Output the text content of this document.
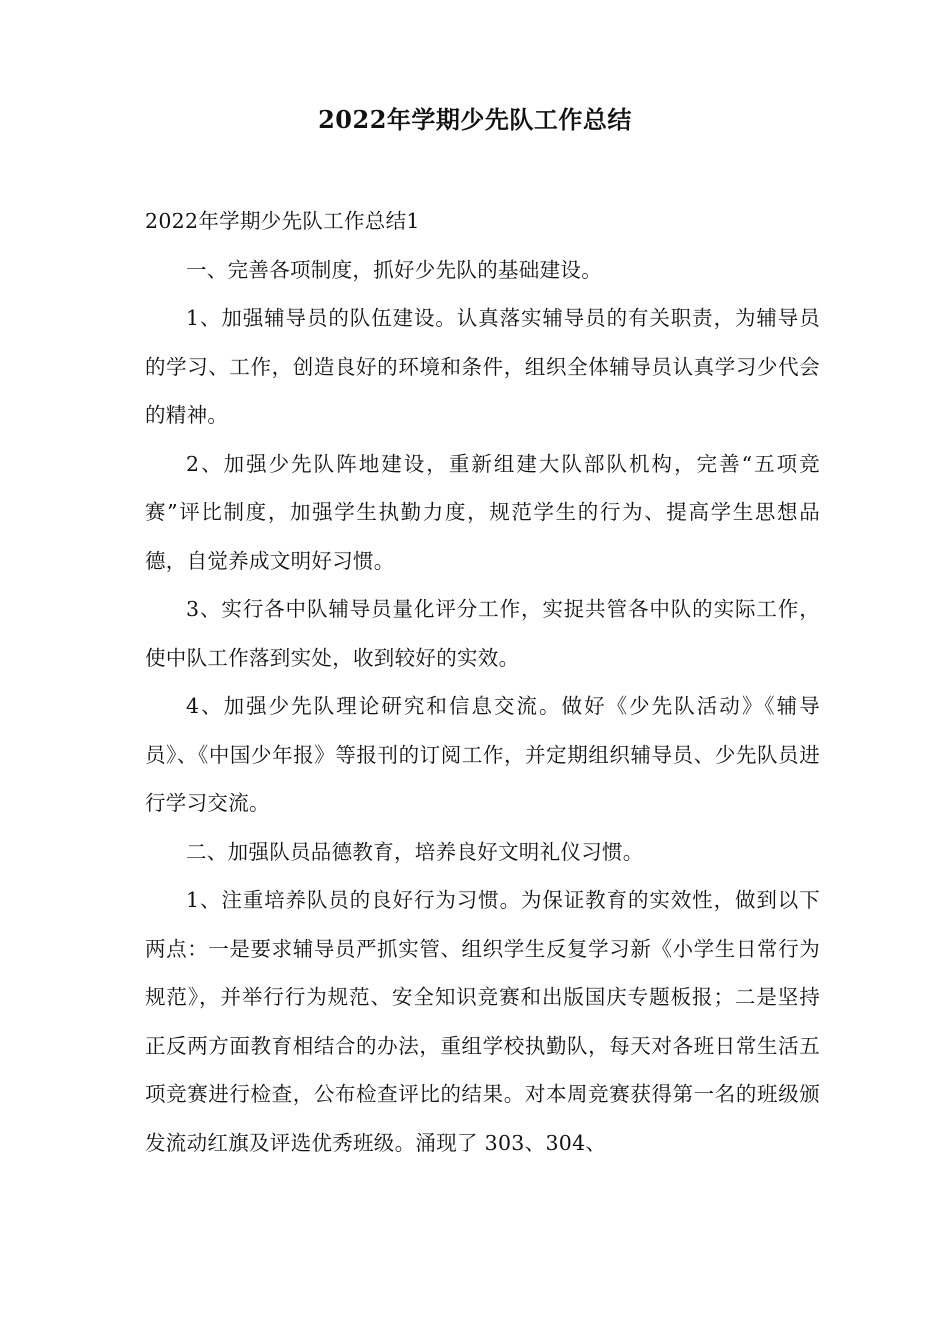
2022年学期少先队工作总结

2022年学期少先队工作总结1

一、完善各项制度，抓好少先队的基础建设。

1、加强辅导员的队伍建设。认真落实辅导员的有关职责，为辅导员的学习、工作，创造良好的环境和条件，组织全体辅导员认真学习少代会的精神。

2、加强少先队阵地建设，重新组建大队部队机构，完善“五项竞赛”评比制度，加强学生执勤力度，规范学生的行为、提高学生思想品德，自觉养成文明好习惯。

3、实行各中队辅导员量化评分工作，实捉共管各中队的实际工作，使中队工作落到实处，收到较好的实效。

4、加强少先队理论研究和信息交流。做好《少先队活动》《辅导员》、《中国少年报》等报刊的订阅工作，并定期组织辅导员、少先队员进行学习交流。

二、加强队员品德教育，培养良好文明礼仪习惯。

1、注重培养队员的良好行为习惯。为保证教育的实效性，做到以下两点：一是要求辅导员严抓实管、组织学生反复学习新《小学生日常行为规范》，并举行行为规范、安全知识竞赛和出版国庆专题板报；二是坚持正反两方面教育相结合的办法，重组学校执勤队，每天对各班日常生活五项竞赛进行检查，公布检查评比的结果。对本周竞赛获得第一名的班级颁发流动红旗及评选优秀班级。涌现了 303、304、
